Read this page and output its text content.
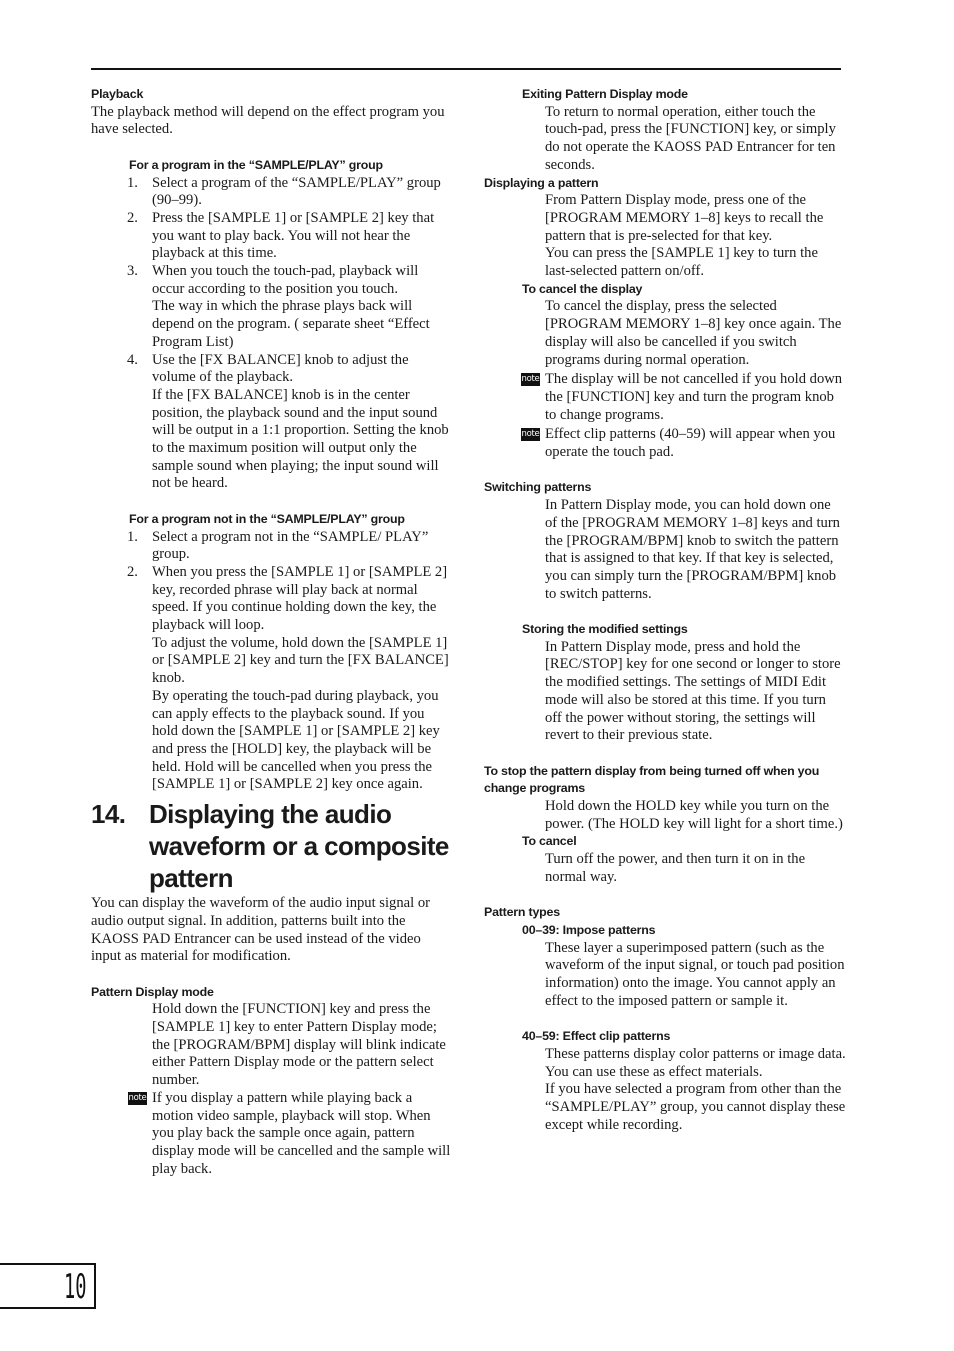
Playback

The playback method will depend on the effect program you have selected.

For a program in the “SAMPLE/PLAY” group
1. Select a program of the “SAMPLE/PLAY” group (90–99).
2. Press the [SAMPLE 1] or [SAMPLE 2] key that you want to play back. You will not hear the playback at this time.
3. When you touch the touch-pad, playback will occur according to the position you touch.
The way in which the phrase plays back will depend on the program. ( separate sheet “Effect Program List)
4. Use the [FX BALANCE] knob to adjust the volume of the playback.
If the [FX BALANCE] knob is in the center position, the playback sound and the input sound will be output in a 1:1 proportion. Setting the knob to the maximum position will output only the sample sound when playing; the input sound will not be heard.
For a program not in the “SAMPLE/PLAY” group
1. Select a program not in the “SAMPLE/ PLAY” group.
2. When you press the [SAMPLE 1] or [SAMPLE 2] key, recorded phrase will play back at normal speed. If you continue holding down the key, the playback will loop.
To adjust the volume, hold down the [SAMPLE 1] or [SAMPLE 2] key and turn the [FX BALANCE] knob.
By operating the touch-pad during playback, you can apply effects to the playback sound. If you hold down the [SAMPLE 1] or [SAMPLE 2] key and press the [HOLD] key, the playback will be held. Hold will be cancelled when you press the [SAMPLE 1] or [SAMPLE 2] key once again.
14. Displaying the audio waveform or a composite pattern

You can display the waveform of the audio input signal or audio output signal. In addition, patterns built into the KAOSS PAD Entrancer can be used instead of the video input as material for modification.

Pattern Display mode

Hold down the [FUNCTION] key and press the [SAMPLE 1] key to enter Pattern Display mode; the [PROGRAM/BPM] display will blink indicate either Pattern Display mode or the pattern select number.

note If you display a pattern while playing back a motion video sample, playback will stop. When you play back the sample once again, pattern display mode will be cancelled and the sample will play back.
Exiting Pattern Display mode

To return to normal operation, either touch the touch-pad, press the [FUNCTION] key, or simply do not operate the KAOSS PAD Entrancer for ten seconds.

Displaying a pattern

From Pattern Display mode, press one of the [PROGRAM MEMORY 1–8] keys to recall the pattern that is pre-selected for that key.

You can press the [SAMPLE 1] key to turn the last-selected pattern on/off.

To cancel the display

To cancel the display, press the selected [PROGRAM MEMORY 1–8] key once again. The display will also be cancelled if you switch programs during normal operation.

note The display will be not cancelled if you hold down the [FUNCTION] key and turn the program knob to change programs.
note Effect clip patterns (40–59) will appear when you operate the touch pad.
Switching patterns

In Pattern Display mode, you can hold down one of the [PROGRAM MEMORY 1–8] keys and turn the [PROGRAM/BPM] knob to switch the pattern that is assigned to that key. If that key is selected, you can simply turn the [PROGRAM/BPM] knob to switch patterns.

Storing the modified settings

In Pattern Display mode, press and hold the [REC/STOP] key for one second or longer to store the modified settings. The settings of MIDI Edit mode will also be stored at this time. If you turn off the power without storing, the settings will revert to their previous state.

To stop the pattern display from being turned off when you change programs

Hold down the HOLD key while you turn on the power. (The HOLD key will light for a short time.)

To cancel

Turn off the power, and then turn it on in the normal way.

Pattern types
00–39: Impose patterns

These layer a superimposed pattern (such as the waveform of the input signal, or touch pad position information) onto the image. You cannot apply an effect to the imposed pattern or sample it.

40–59: Effect clip patterns

These patterns display color patterns or image data. You can use these as effect materials.

If you have selected a program from other than the “SAMPLE/PLAY” group, you cannot display these except while recording.

10
